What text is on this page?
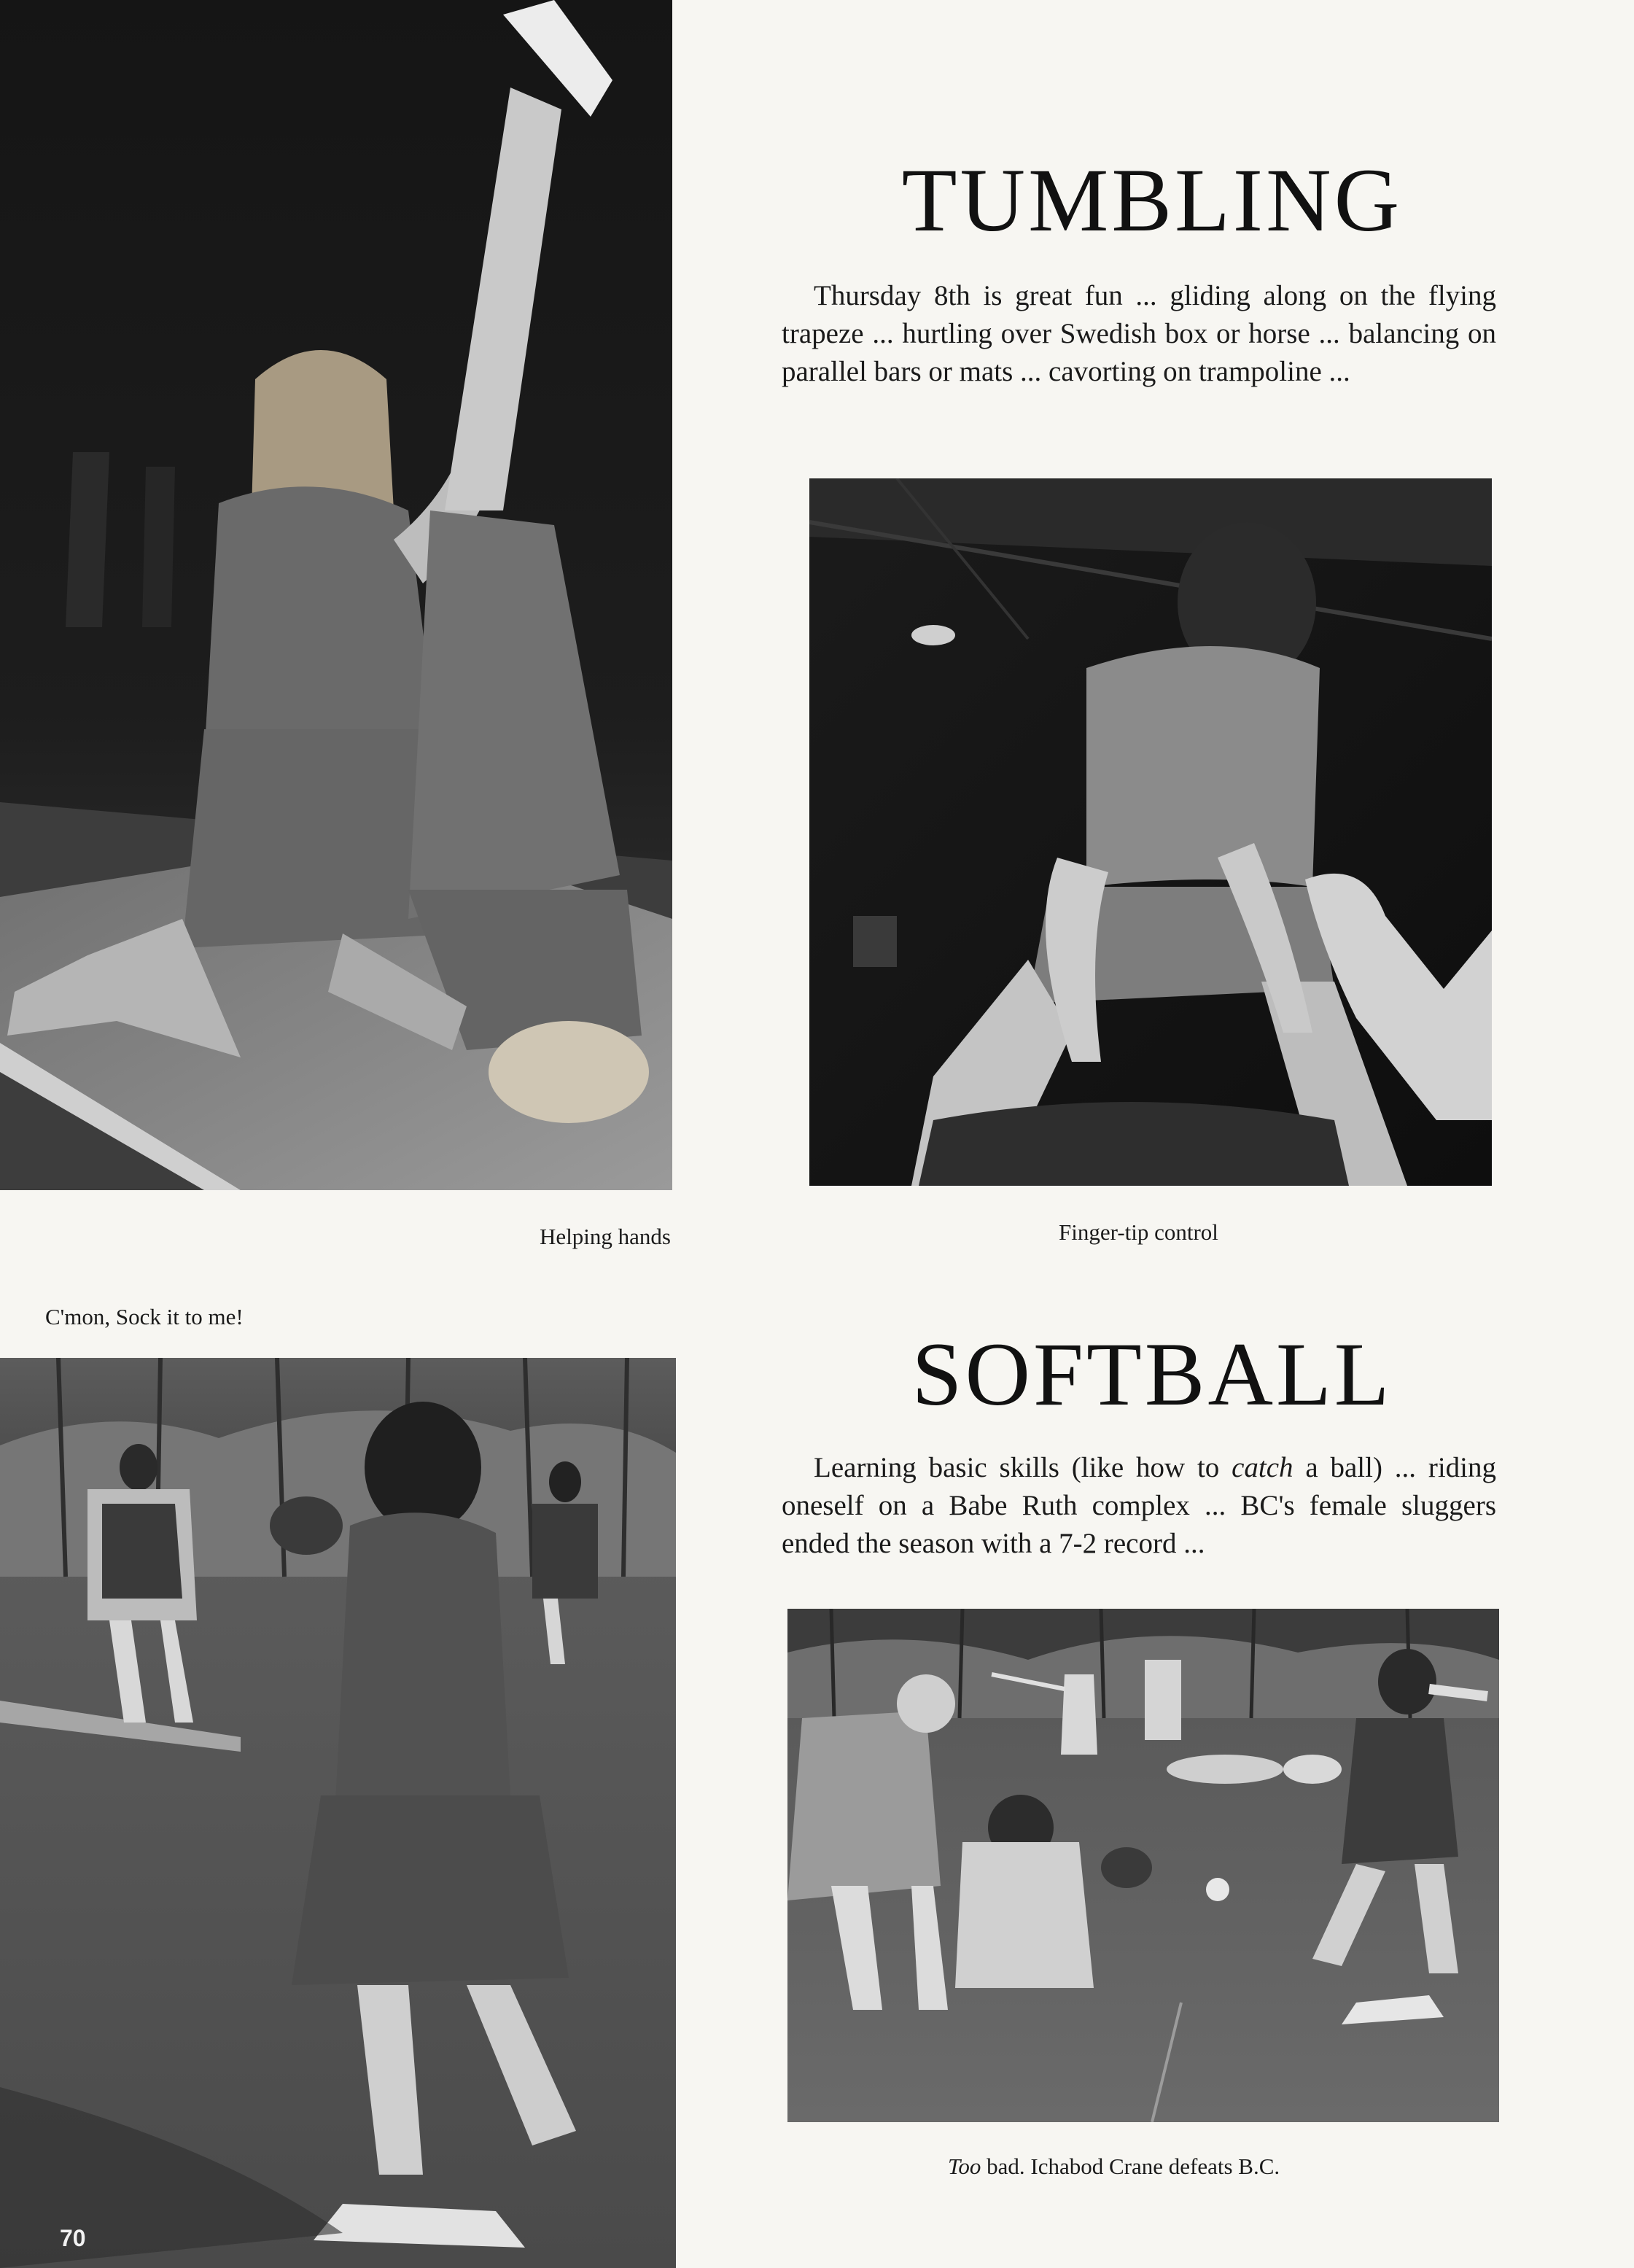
TUMBLING

Thursday 8th is great fun ... gliding along on the flying trapeze ... hurtling over Swedish box or horse ... balancing on parallel bars or mats ... cavorting on trampoline ...

Helping hands	Finger-tip control

C'mon, Sock it to me!

SOFTBALL

Learning basic skills (like how to catch a ball) ... riding oneself on a Babe Ruth complex ... BC's female sluggers ended the season with a 7-2 record ...

Too bad. Ichabod Crane defeats B.C.

70
